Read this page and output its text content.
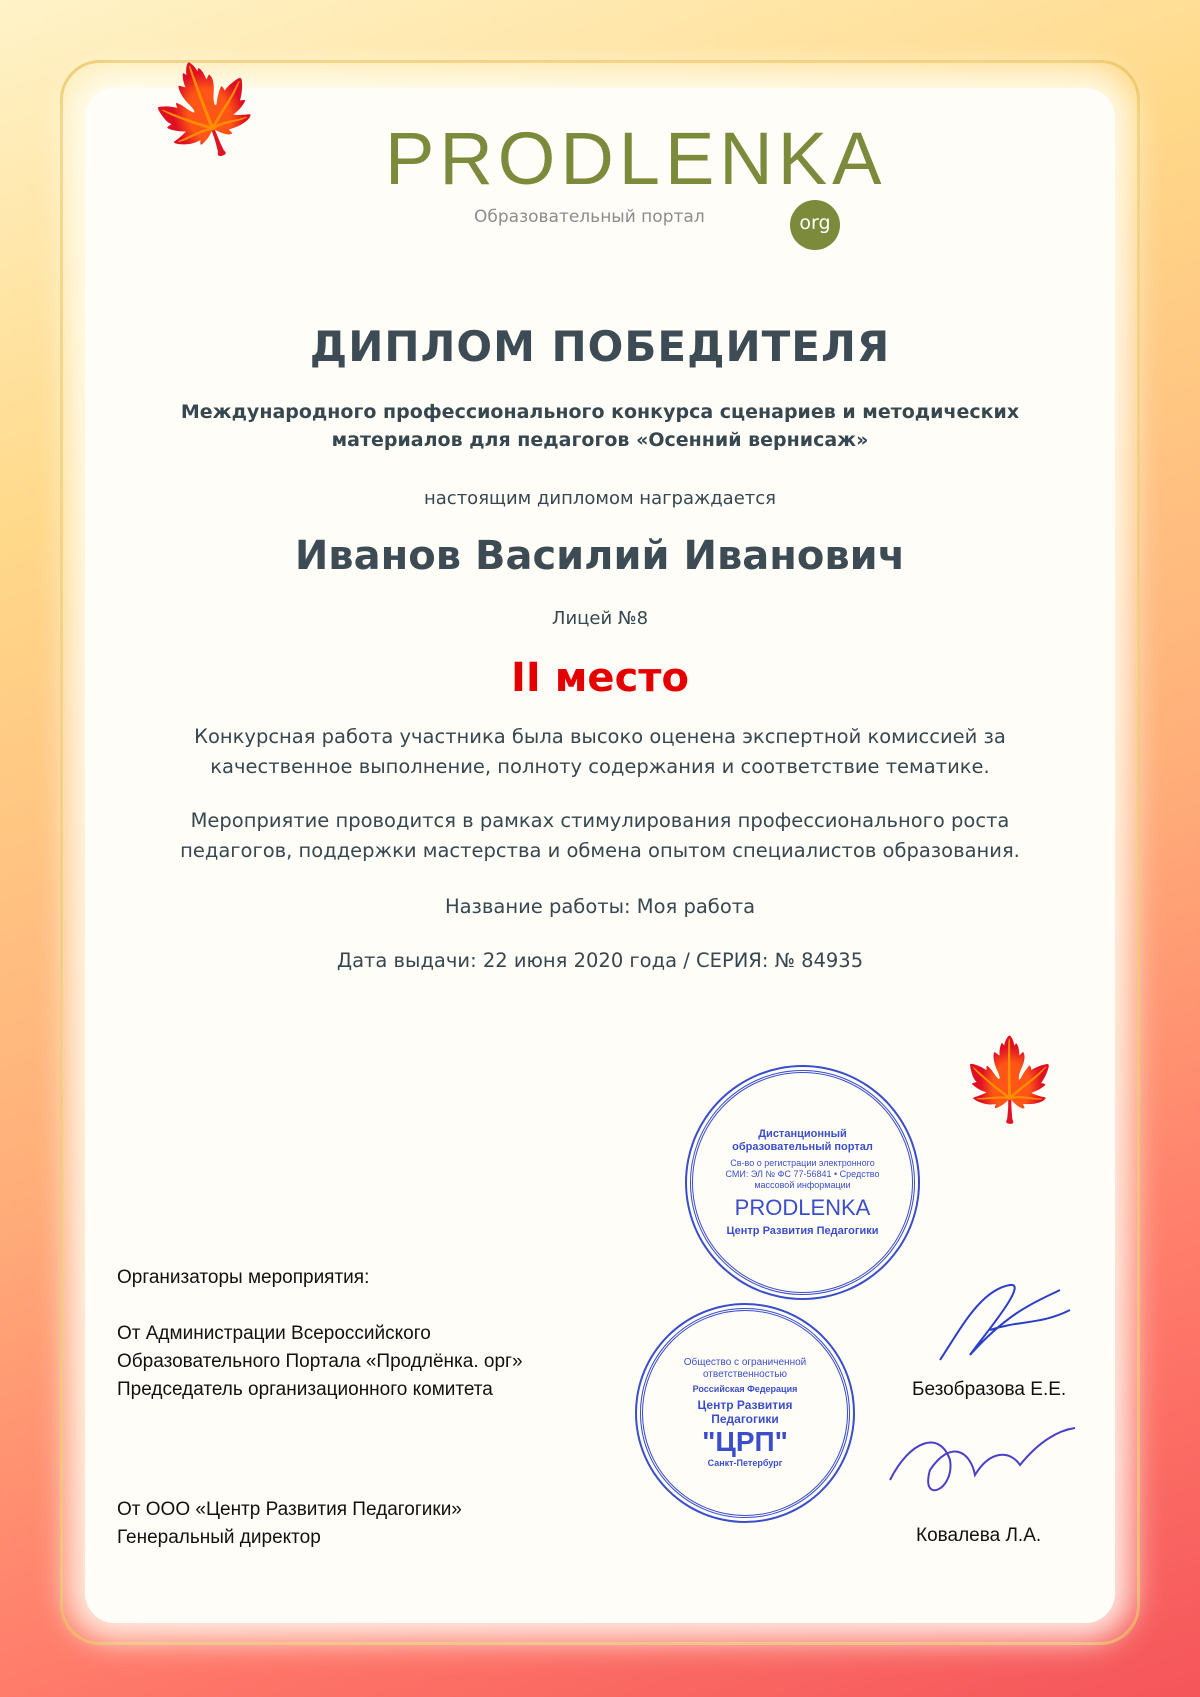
🍁
🍁
PRODLENKA
org
Образовательный портал
ДИПЛОМ ПОБЕДИТЕЛЯ
Международного профессионального конкурса сценариев и методических
материалов для педагогов «Осенний вернисаж»
настоящим дипломом награждается
Иванов Василий Иванович
Лицей №8
II место
Конкурсная работа участника была высоко оценена экспертной комиссией за
качественное выполнение, полноту содержания и соответствие тематике.
Мероприятие проводится в рамках стимулирования профессионального роста
педагогов, поддержки мастерства и обмена опытом специалистов образования.
Название работы: Моя работа
Дата выдачи: 22 июня 2020 года / СЕРИЯ: № 84935
Организаторы мероприятия:
От Администрации Всероссийского
Образовательного Портала «Продлёнка. орг»
Председатель организационного комитета
От ООО «Центр Развития Педагогики»
Генеральный директор
Безобразова Е.Е.
Ковалева Л.А.
Дистанционный образовательный портал
Св-во о регистрации электронного СМИ: ЭЛ № ФС 77-56841 • Средство массовой информации
PRODLENKA
Центр Развития Педагогики
Общество с ограниченной ответственностью
Российская Федерация
Центр Развития Педагогики
"ЦРП"
Санкт-Петербург
